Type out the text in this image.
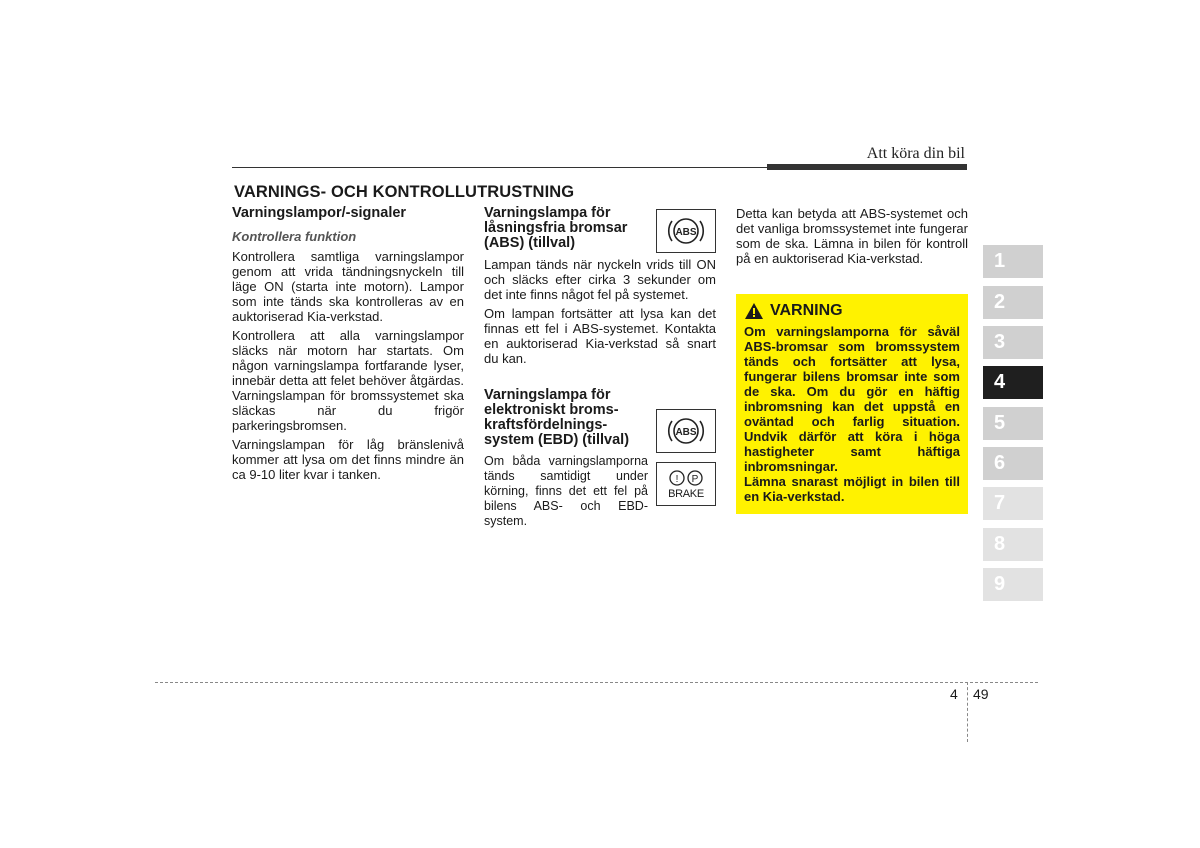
Att köra din bil
VARNINGS- OCH KONTROLLUTRUSTNING
Varningslampor/-signaler
Kontrollera funktion

Kontrollera samtliga varningslampor genom att vrida tändningsnyckeln till läge ON (starta inte motorn). Lampor som inte tänds ska kontrolleras av en auktoriserad Kia-verkstad.

Kontrollera att alla varningslampor släcks när motorn har startats. Om någon varningslampa fortfarande lyser, innebär detta att felet behöver åtgärdas. Varningslampan för bromssystemet ska släckas när du frigör parkeringsbromsen.

Varningslampan för låg bränslenivå kommer att lysa om det finns mindre än ca 9-10 liter kvar i tanken.

Varningslampa för låsningsfria bromsar (ABS) (tillval)

Lampan tänds när nyckeln vrids till ON och släcks efter cirka 3 sekunder om det inte finns något fel på systemet.

Om lampan fortsätter att lysa kan det finnas ett fel i ABS-systemet. Kontakta en auktoriserad Kia-verkstad så snart du kan.

Varningslampa för elektroniskt broms-kraftsfördelnings-system (EBD) (tillval)

Om båda varningslamporna tänds samtidigt under körning, finns det ett fel på bilens ABS- och EBD-system.

ABS
ABS
! P
BRAKE

Detta kan betyda att ABS-systemet och det vanliga bromssystemet inte fungerar som de ska. Lämna in bilen för kontroll på en auktoriserad Kia-verkstad.

VARNING

Om varningslamporna för såväl ABS-bromsar som bromssystem tänds och fortsätter att lysa, fungerar bilens bromsar inte som de ska. Om du gör en häftig inbromsning kan det uppstå en oväntad och farlig situation. Undvik därför att köra i höga hastigheter samt häftiga inbromsningar.

Lämna snarast möjligt in bilen till en Kia-verkstad.

1
2
3
4
5
6
7
8
9
4 49
